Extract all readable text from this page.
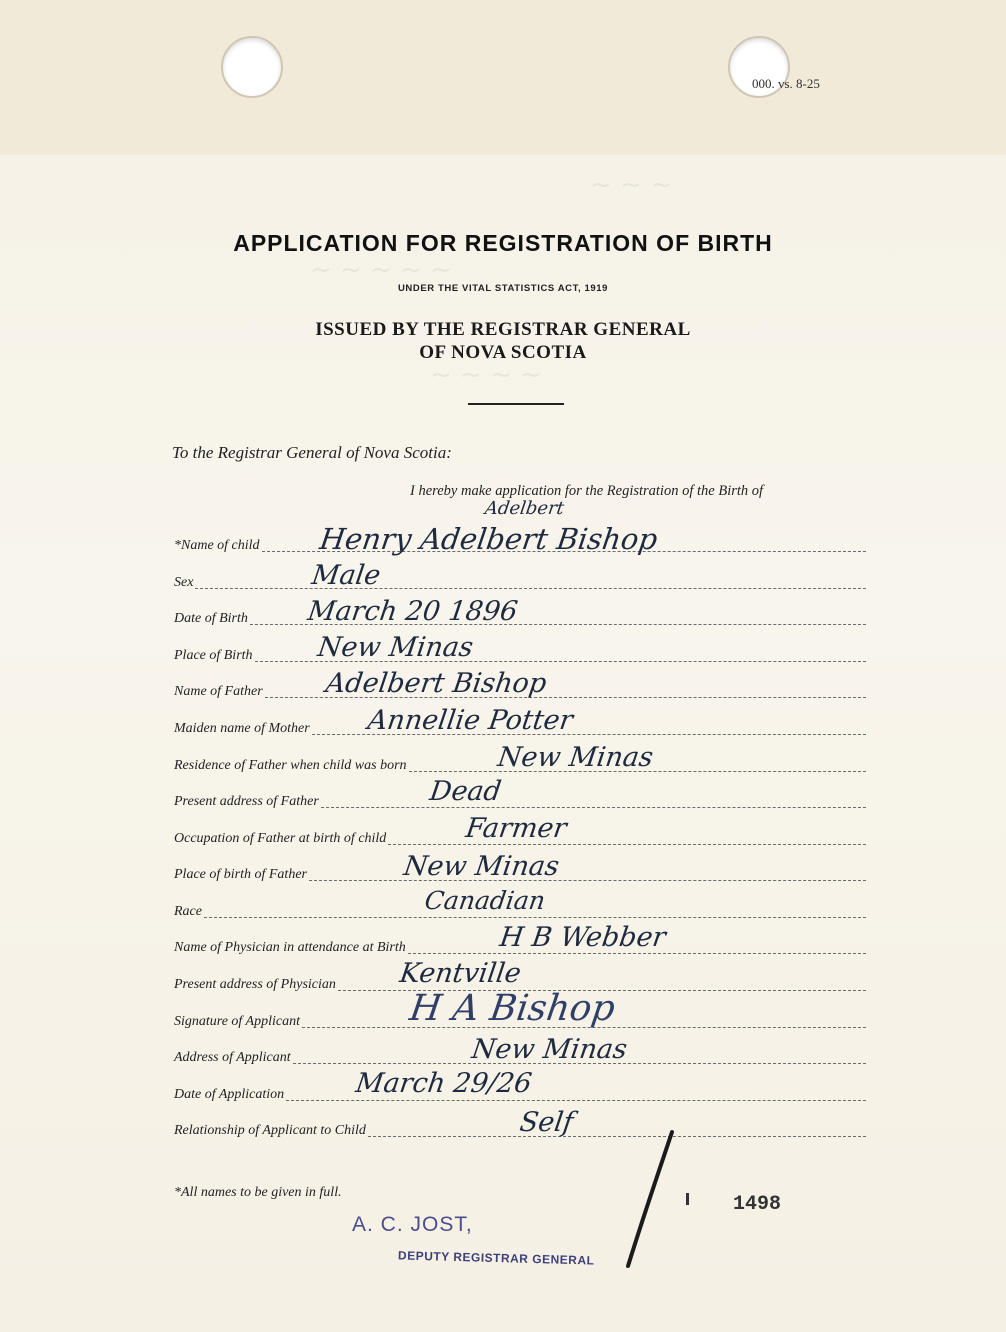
~ ~ ~
~ ~ ~ ~ ~
~ ~ ~ ~
000. vs. 8-25
APPLICATION FOR REGISTRATION OF BIRTH
UNDER THE VITAL STATISTICS ACT, 1919
ISSUED BY THE REGISTRAR GENERAL
OF NOVA SCOTIA
To the Registrar General of Nova Scotia:
I hereby make application for the Registration of the Birth of
*Name of child
Sex
Date of Birth
Place of Birth
Name of Father
Maiden name of Mother
Residence of Father when child was born
Present address of Father
Occupation of Father at birth of child
Place of birth of Father
Race
Name of Physician in attendance at Birth
Present address of Physician
Signature of Applicant
Address of Applicant
Date of Application
Relationship of Applicant to Child
Adelbert
Henry Adelbert Bishop
Male
March 20 1896
New Minas
Adelbert Bishop
Annellie Potter
New Minas
Dead
Farmer
New Minas
Canadian
H B Webber
Kentville
H A Bishop
New Minas
March 29/26
Self
*All names to be given in full.
A. C. JOST,
DEPUTY REGISTRAR GENERAL
1498
